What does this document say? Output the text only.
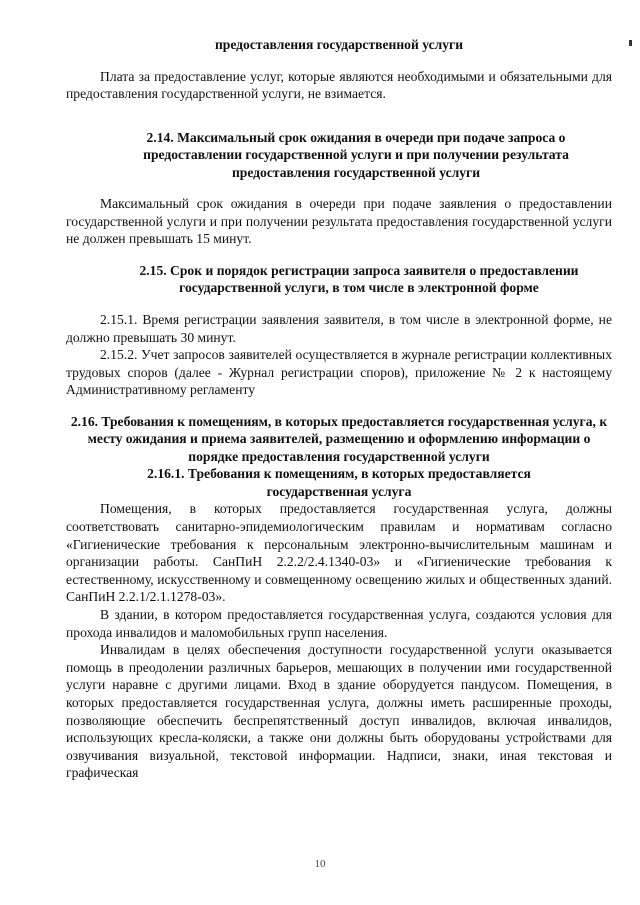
предоставления государственной услуги

Плата за предоставление услуг, которые являются необходимыми и обязательными для предоставления государственной услуги, не взимается.

2.14. Максимальный срок ожидания в очереди при подаче запроса о предоставлении государственной услуги и при получении результата предоставления государственной услуги

Максимальный срок ожидания в очереди при подаче заявления о предоставлении государственной услуги и при получении результата предоставления государственной услуги не должен превышать 15 минут.

2.15. Срок и порядок регистрации запроса заявителя о предоставлении государственной услуги, в том числе в электронной форме

2.15.1. Время регистрации заявления заявителя, в том числе в электронной форме, не должно превышать 30 минут.

2.15.2. Учет запросов заявителей осуществляется в журнале регистрации коллективных трудовых споров (далее - Журнал регистрации споров), приложение № 2 к настоящему Административному регламенту

2.16. Требования к помещениям, в которых предоставляется государственная услуга, к месту ожидания и приема заявителей, размещению и оформлению информации о порядке предоставления государственной услуги

2.16.1. Требования к помещениям, в которых предоставляется государственная услуга

Помещения, в которых предоставляется государственная услуга, должны соответствовать санитарно-эпидемиологическим правилам и нормативам согласно «Гигиенические требования к персональным электронно-вычислительным машинам и организации работы. СанПиН 2.2.2/2.4.1340-03» и «Гигиенические требования к естественному, искусственному и совмещенному освещению жилых и общественных зданий. СанПиН 2.2.1/2.1.1278-03».

В здании, в котором предоставляется государственная услуга, создаются условия для прохода инвалидов и маломобильных групп населения.

Инвалидам в целях обеспечения доступности государственной услуги оказывается помощь в преодолении различных барьеров, мешающих в получении ими государственной услуги наравне с другими лицами. Вход в здание оборудуется пандусом. Помещения, в которых предоставляется государственная услуга, должны иметь расширенные проходы, позволяющие обеспечить беспрепятственный доступ инвалидов, включая инвалидов, использующих кресла-коляски, а также они должны быть оборудованы устройствами для озвучивания визуальной, текстовой информации. Надписи, знаки, иная текстовая и графическая

10
